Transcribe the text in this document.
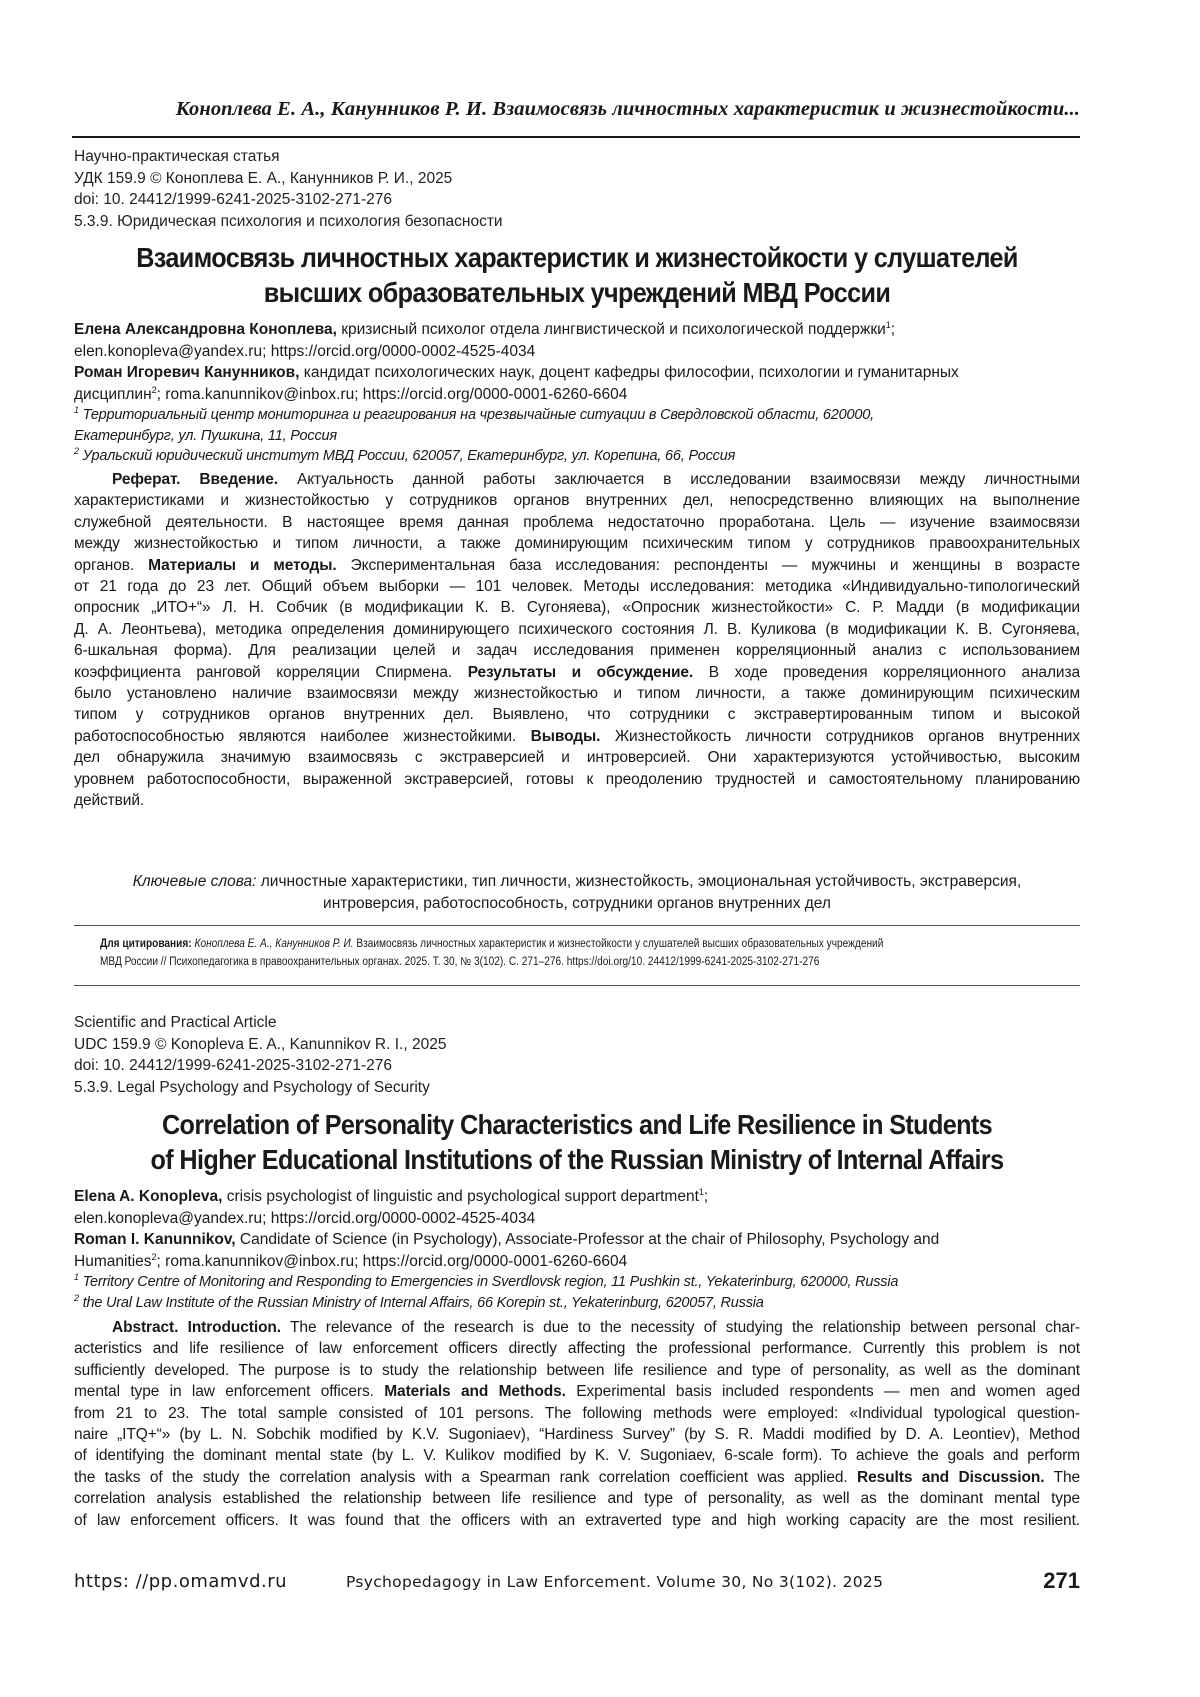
Коноплева Е. А., Канунников Р. И. Взаимосвязь личностных характеристик и жизнестойкости...
Научно-практическая статья
УДК 159.9 © Коноплева Е. А., Канунников Р. И., 2025
doi: 10. 24412/1999-6241-2025-3102-271-276
5.3.9. Юридическая психология и психология безопасности
Взаимосвязь личностных характеристик и жизнестойкости у слушателей
высших образовательных учреждений МВД России
Елена Александровна Коноплева, кризисный психолог отдела лингвистической и психологической поддержки1;
elen.konopleva@yandex.ru; https://orcid.org/0000-0002-4525-4034
Роман Игоревич Канунников, кандидат психологических наук, доцент кафедры философии, психологии и гуманитарных
дисциплин2; roma.kanunnikov@inbox.ru; https://orcid.org/0000-0001-6260-6604
1 Территориальный центр мониторинга и реагирования на чрезвычайные ситуации в Свердловской области, 620000,
Екатеринбург, ул. Пушкина, 11, Россия
2 Уральский юридический институт МВД России, 620057, Екатеринбург, ул. Корепина, 66, Россия
Реферат. Введение. Актуальность данной работы заключается в исследовании взаимосвязи между личностными
характеристиками и жизнестойкостью у сотрудников органов внутренних дел, непосредственно влияющих на выполнение
служебной деятельности. В настоящее время данная проблема недостаточно проработана. Цель — изучение взаимосвязи
между жизнестойкостью и типом личности, а также доминирующим психическим типом у сотрудников правоохранительных
органов. Материалы и методы. Экспериментальная база исследования: респонденты — мужчины и женщины в возрасте
от 21 года до 23 лет. Общий объем выборки — 101 человек. Методы исследования: методика «Индивидуально-типологический
опросник „ИТО+“» Л. Н. Собчик (в модификации К. В. Сугоняева), «Опросник жизнестойкости» С. Р. Мадди (в модификации
Д. А. Леонтьева), методика определения доминирующего психического состояния Л. В. Куликова (в модификации К. В. Сугоняева,
6-шкальная форма). Для реализации целей и задач исследования применен корреляционный анализ с использованием
коэффициента ранговой корреляции Спирмена. Результаты и обсуждение. В ходе проведения корреляционного анализа
было установлено наличие взаимосвязи между жизнестойкостью и типом личности, а также доминирующим психическим
типом у сотрудников органов внутренних дел. Выявлено, что сотрудники с экстравертированным типом и высокой
работоспособностью являются наиболее жизнестойкими. Выводы. Жизнестойкость личности сотрудников органов внутренних
дел обнаружила значимую взаимосвязь с экстраверсией и интроверсией. Они характеризуются устойчивостью, высоким
уровнем работоспособности, выраженной экстраверсией, готовы к преодолению трудностей и самостоятельному планированию
действий.
Ключевые слова: личностные характеристики, тип личности, жизнестойкость, эмоциональная устойчивость, экстраверсия,
интроверсия, работоспособность, сотрудники органов внутренних дел
Для цитирования: Коноплева Е. А., Канунников Р. И. Взаимосвязь личностных характеристик и жизнестойкости у слушателей высших образовательных учреждений
МВД России // Психопедагогика в правоохранительных органах. 2025. Т. 30, № 3(102). С. 271–276. https://doi.org/10. 24412/1999-6241-2025-3102-271-276
Scientific and Practical Article
UDC 159.9 © Konopleva E. A., Kanunnikov R. I., 2025
doi: 10. 24412/1999-6241-2025-3102-271-276
5.3.9. Legal Psychology and Psychology of Security
Correlation of Personality Characteristics and Life Resilience in Students
of Higher Educational Institutions of the Russian Ministry of Internal Affairs
Elena A. Konopleva, crisis psychologist of linguistic and psychological support department1;
elen.konopleva@yandex.ru; https://orcid.org/0000-0002-4525-4034
Roman I. Kanunnikov, Candidate of Science (in Psychology), Associate-Professor at the chair of Philosophy, Psychology and
Humanities2; roma.kanunnikov@inbox.ru; https://orcid.org/0000-0001-6260-6604
1 Territory Centre of Monitoring and Responding to Emergencies in Sverdlovsk region, 11 Pushkin st., Yekaterinburg, 620000, Russia
2 the Ural Law Institute of the Russian Ministry of Internal Affairs, 66 Korepin st., Yekaterinburg, 620057, Russia
Abstract. Introduction. The relevance of the research is due to the necessity of studying the relationship between personal char-
acteristics and life resilience of law enforcement officers directly affecting the professional performance. Currently this problem is not
sufficiently developed. The purpose is to study the relationship between life resilience and type of personality, as well as the dominant
mental type in law enforcement officers. Materials and Methods. Experimental basis included respondents — men and women aged
from 21 to 23. The total sample consisted of 101 persons. The following methods were employed: «Individual typological question-
naire „ITQ+“» (by L. N. Sobchik modified by K.V. Sugoniaev), “Hardiness Survey” (by S. R. Maddi modified by D. A. Leontiev), Method
of identifying the dominant mental state (by L. V. Kulikov modified by K. V. Sugoniaev, 6-scale form). To achieve the goals and perform
the tasks of the study the correlation analysis with a Spearman rank correlation coefficient was applied. Results and Discussion. The
correlation analysis established the relationship between life resilience and type of personality, as well as the dominant mental type
of law enforcement officers. It was found that the officers with an extraverted type and high working capacity are the most resilient.
https: //pp.omamvd.ru	Psychopedagogy in Law Enforcement. Volume 30, No 3(102). 2025	271
